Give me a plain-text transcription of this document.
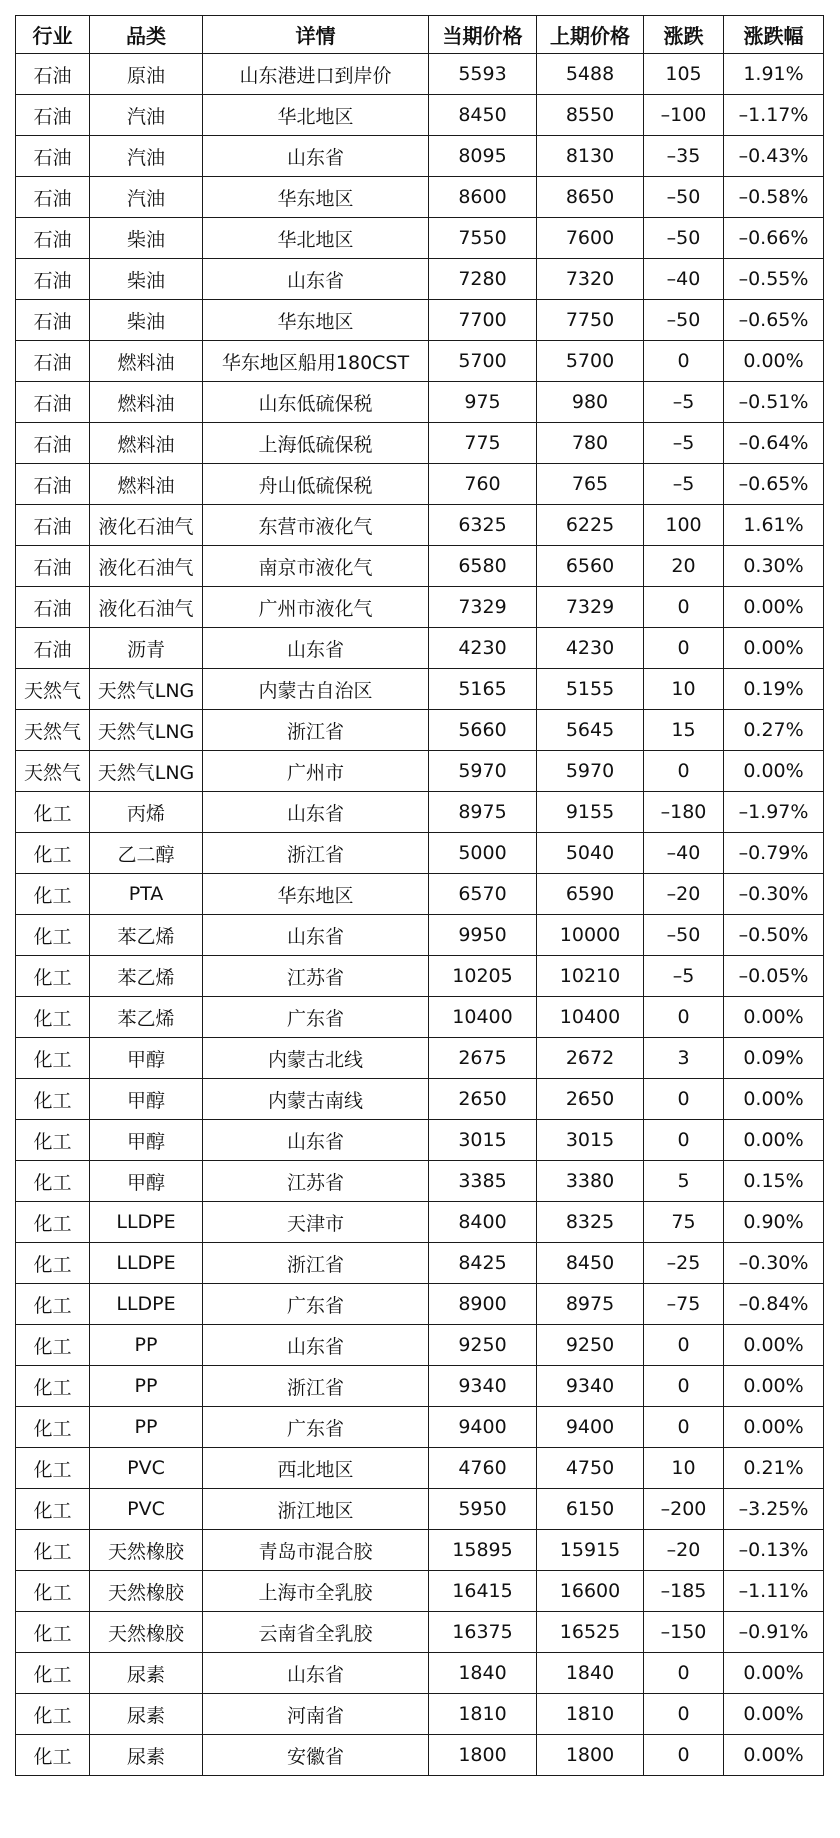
行业	品类	详情	当期价格	上期价格	涨跌	涨跌幅
石油	原油	山东港进口到岸价	5593	5488	105	1.91%
石油	汽油	华北地区	8450	8550	–100	–1.17%
石油	汽油	山东省	8095	8130	–35	–0.43%
石油	汽油	华东地区	8600	8650	–50	–0.58%
石油	柴油	华北地区	7550	7600	–50	–0.66%
石油	柴油	山东省	7280	7320	–40	–0.55%
石油	柴油	华东地区	7700	7750	–50	–0.65%
石油	燃料油	华东地区船用180CST	5700	5700	0	0.00%
石油	燃料油	山东低硫保税	975	980	–5	–0.51%
石油	燃料油	上海低硫保税	775	780	–5	–0.64%
石油	燃料油	舟山低硫保税	760	765	–5	–0.65%
石油	液化石油气	东营市液化气	6325	6225	100	1.61%
石油	液化石油气	南京市液化气	6580	6560	20	0.30%
石油	液化石油气	广州市液化气	7329	7329	0	0.00%
石油	沥青	山东省	4230	4230	0	0.00%
天然气	天然气LNG	内蒙古自治区	5165	5155	10	0.19%
天然气	天然气LNG	浙江省	5660	5645	15	0.27%
天然气	天然气LNG	广州市	5970	5970	0	0.00%
化工	丙烯	山东省	8975	9155	–180	–1.97%
化工	乙二醇	浙江省	5000	5040	–40	–0.79%
化工	PTA	华东地区	6570	6590	–20	–0.30%
化工	苯乙烯	山东省	9950	10000	–50	–0.50%
化工	苯乙烯	江苏省	10205	10210	–5	–0.05%
化工	苯乙烯	广东省	10400	10400	0	0.00%
化工	甲醇	内蒙古北线	2675	2672	3	0.09%
化工	甲醇	内蒙古南线	2650	2650	0	0.00%
化工	甲醇	山东省	3015	3015	0	0.00%
化工	甲醇	江苏省	3385	3380	5	0.15%
化工	LLDPE	天津市	8400	8325	75	0.90%
化工	LLDPE	浙江省	8425	8450	–25	–0.30%
化工	LLDPE	广东省	8900	8975	–75	–0.84%
化工	PP	山东省	9250	9250	0	0.00%
化工	PP	浙江省	9340	9340	0	0.00%
化工	PP	广东省	9400	9400	0	0.00%
化工	PVC	西北地区	4760	4750	10	0.21%
化工	PVC	浙江地区	5950	6150	–200	–3.25%
化工	天然橡胶	青岛市混合胶	15895	15915	–20	–0.13%
化工	天然橡胶	上海市全乳胶	16415	16600	–185	–1.11%
化工	天然橡胶	云南省全乳胶	16375	16525	–150	–0.91%
化工	尿素	山东省	1840	1840	0	0.00%
化工	尿素	河南省	1810	1810	0	0.00%
化工	尿素	安徽省	1800	1800	0	0.00%
